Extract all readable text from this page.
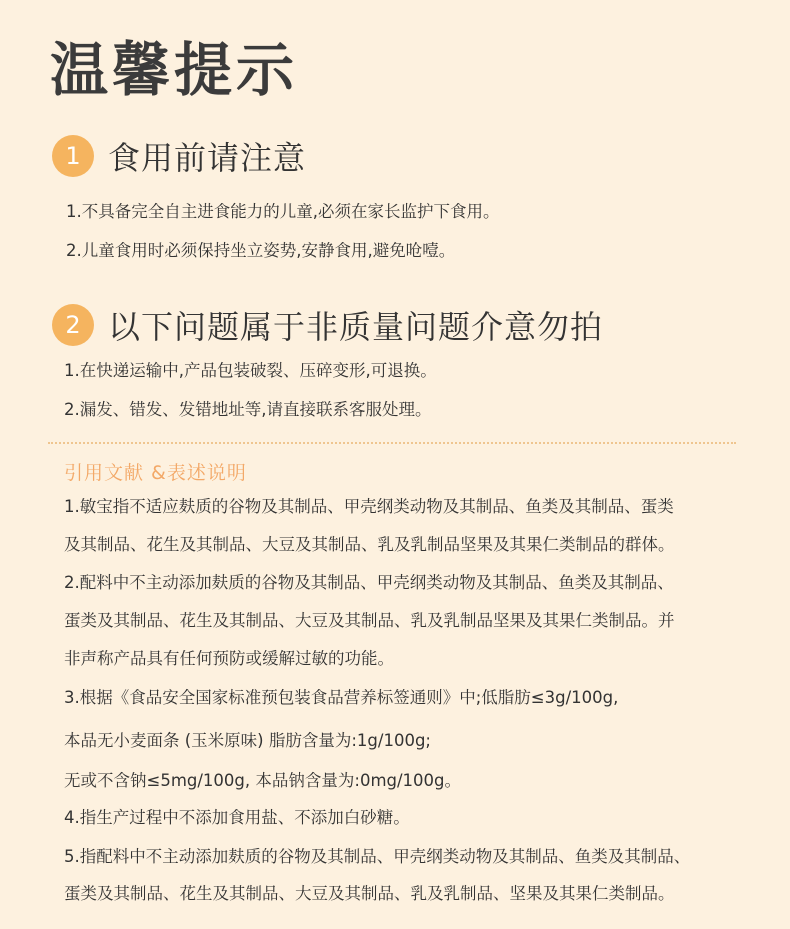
温馨提示
1 食用前请注意
1.不具备完全自主进食能力的儿童,必须在家长监护下食用。
2.儿童食用时必须保持坐立姿势,安静食用,避免呛噎。
2 以下问题属于非质量问题介意勿拍
1.在快递运输中,产品包装破裂、压碎变形,可退换。
2.漏发、错发、发错地址等,请直接联系客服处理。
引用文献 &表述说明
1.敏宝指不适应麸质的谷物及其制品、甲壳纲类动物及其制品、鱼类及其制品、蛋类
及其制品、花生及其制品、大豆及其制品、乳及乳制品坚果及其果仁类制品的群体。
2.配料中不主动添加麸质的谷物及其制品、甲壳纲类动物及其制品、鱼类及其制品、
蛋类及其制品、花生及其制品、大豆及其制品、乳及乳制品坚果及其果仁类制品。并
非声称产品具有任何预防或缓解过敏的功能。
3.根据《食品安全国家标准预包装食品营养标签通则》中;低脂肪≤3g/100g,
本品无小麦面条 (玉米原味) 脂肪含量为:1g/100g;
无或不含钠≤5mg/100g, 本品钠含量为:0mg/100g。
4.指生产过程中不添加食用盐、不添加白砂糖。
5.指配料中不主动添加麸质的谷物及其制品、甲壳纲类动物及其制品、鱼类及其制品、
蛋类及其制品、花生及其制品、大豆及其制品、乳及乳制品、坚果及其果仁类制品。
